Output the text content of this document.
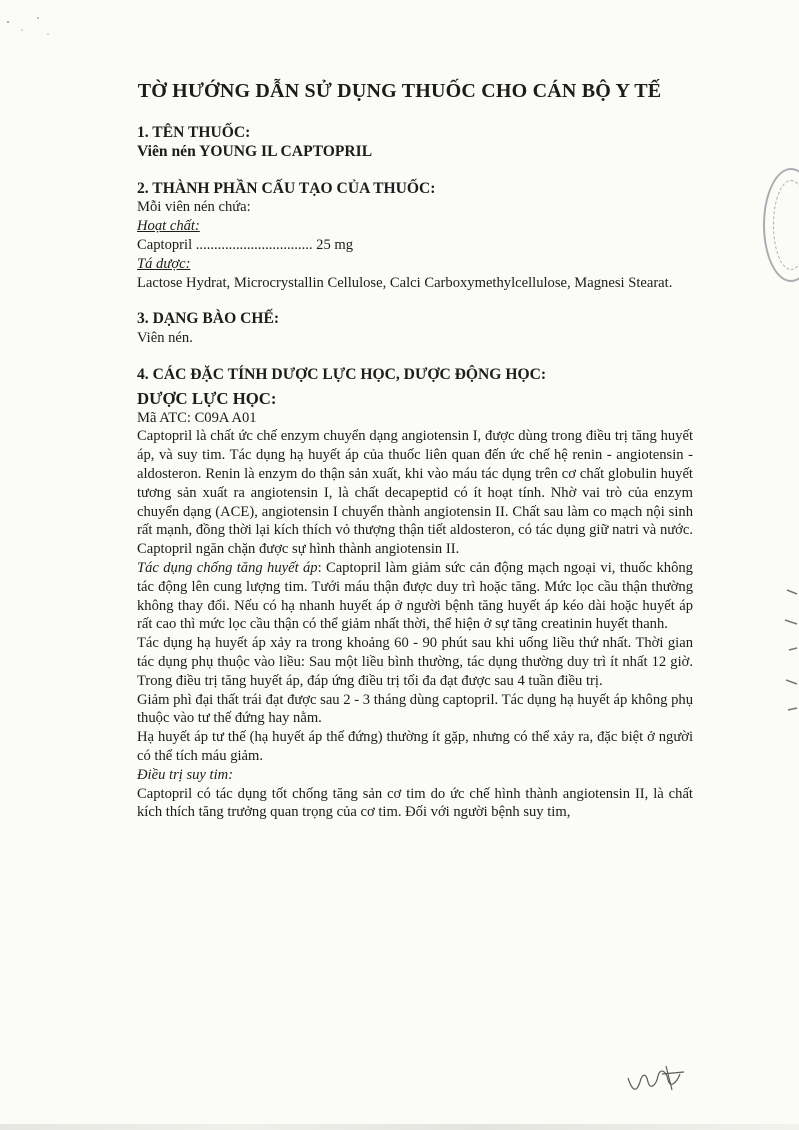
TỜ HƯỚNG DẪN SỬ DỤNG THUỐC CHO CÁN BỘ Y TẾ
1. TÊN THUỐC:
Viên nén YOUNG IL CAPTOPRIL
2. THÀNH PHẦN CẤU TẠO CỦA THUỐC:
Mỗi viên nén chứa:
Hoạt chất:
Captopril ................................ 25 mg
Tá dược:
Lactose Hydrat, Microcrystallin Cellulose, Calci Carboxymethylcellulose, Magnesi Stearat.
3. DẠNG BÀO CHẾ:
Viên nén.
4. CÁC ĐẶC TÍNH DƯỢC LỰC HỌC, DƯỢC ĐỘNG HỌC:
DƯỢC LỰC HỌC:
Mã ATC: C09A A01
Captopril là chất ức chế enzym chuyển dạng angiotensin I, được dùng trong điều trị tăng huyết áp, và suy tim. Tác dụng hạ huyết áp của thuốc liên quan đến ức chế hệ renin - angiotensin - aldosteron. Renin là enzym do thận sản xuất, khi vào máu tác dụng trên cơ chất globulin huyết tương sản xuất ra angiotensin I, là chất decapeptid có ít hoạt tính. Nhờ vai trò của enzym chuyển dạng (ACE), angiotensin I chuyển thành angiotensin II. Chất sau làm co mạch nội sinh rất mạnh, đồng thời lại kích thích vỏ thượng thận tiết aldosteron, có tác dụng giữ natri và nước. Captopril ngăn chặn được sự hình thành angiotensin II.
Tác dụng chống tăng huyết áp: Captopril làm giảm sức cản động mạch ngoại vi, thuốc không tác động lên cung lượng tim. Tưới máu thận được duy trì hoặc tăng. Mức lọc cầu thận thường không thay đổi. Nếu có hạ nhanh huyết áp ở người bệnh tăng huyết áp kéo dài hoặc huyết áp rất cao thì mức lọc cầu thận có thể giảm nhất thời, thể hiện ở sự tăng creatinin huyết thanh.
Tác dụng hạ huyết áp xảy ra trong khoảng 60 - 90 phút sau khi uống liều thứ nhất. Thời gian tác dụng phụ thuộc vào liều: Sau một liều bình thường, tác dụng thường duy trì ít nhất 12 giờ. Trong điều trị tăng huyết áp, đáp ứng điều trị tối đa đạt được sau 4 tuần điều trị.
Giảm phì đại thất trái đạt được sau 2 - 3 tháng dùng captopril. Tác dụng hạ huyết áp không phụ thuộc vào tư thế đứng hay nằm.
Hạ huyết áp tư thế (hạ huyết áp thế đứng) thường ít gặp, nhưng có thể xảy ra, đặc biệt ở người có thể tích máu giảm.
Điều trị suy tim:
Captopril có tác dụng tốt chống tăng sản cơ tim do ức chế hình thành angiotensin II, là chất kích thích tăng trưởng quan trọng của cơ tim. Đối với người bệnh suy tim,
